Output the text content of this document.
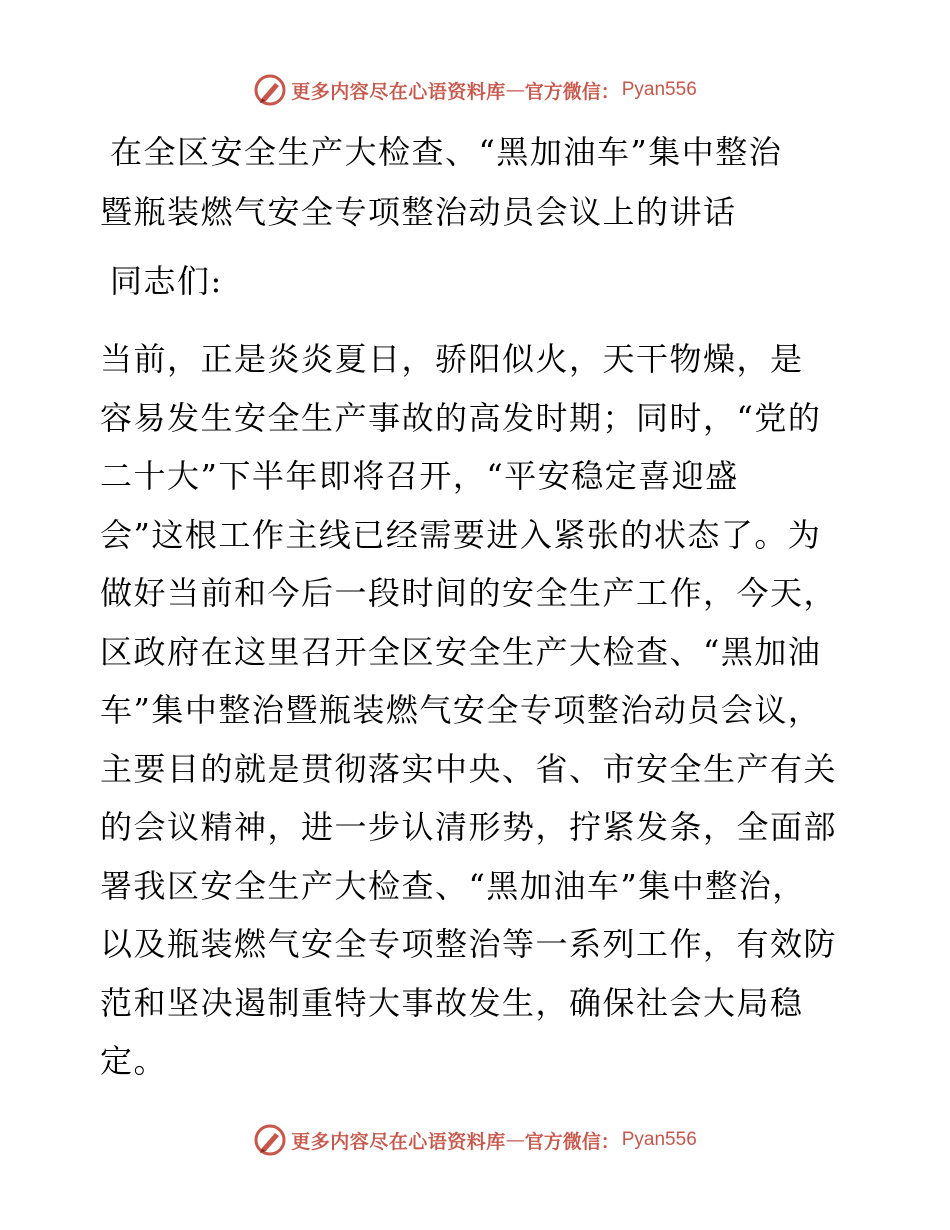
更多内容尽在心语资料库 — 官方微信： Pyan556
在全区安全生产大检查、“黑加油车”集中整治
暨瓶装燃气安全专项整治动员会议上的讲话
同志们:
当前，正是炎炎夏日，骄阳似火，天干物燥，是
容易发生安全生产事故的高发时期；同时，“党的
二十大”下半年即将召开，“平安稳定喜迎盛
会”这根工作主线已经需要进入紧张的状态了。为
做好当前和今后一段时间的安全生产工作，今天，
区政府在这里召开全区安全生产大检查、“黑加油
车”集中整治暨瓶装燃气安全专项整治动员会议，
主要目的就是贯彻落实中央、省、市安全生产有关
的会议精神，进一步认清形势，拧紧发条，全面部
署我区安全生产大检查、“黑加油车”集中整治，
以及瓶装燃气安全专项整治等一系列工作，有效防
范和坚决遏制重特大事故发生，确保社会大局稳
定。
更多内容尽在心语资料库 — 官方微信： Pyan556
